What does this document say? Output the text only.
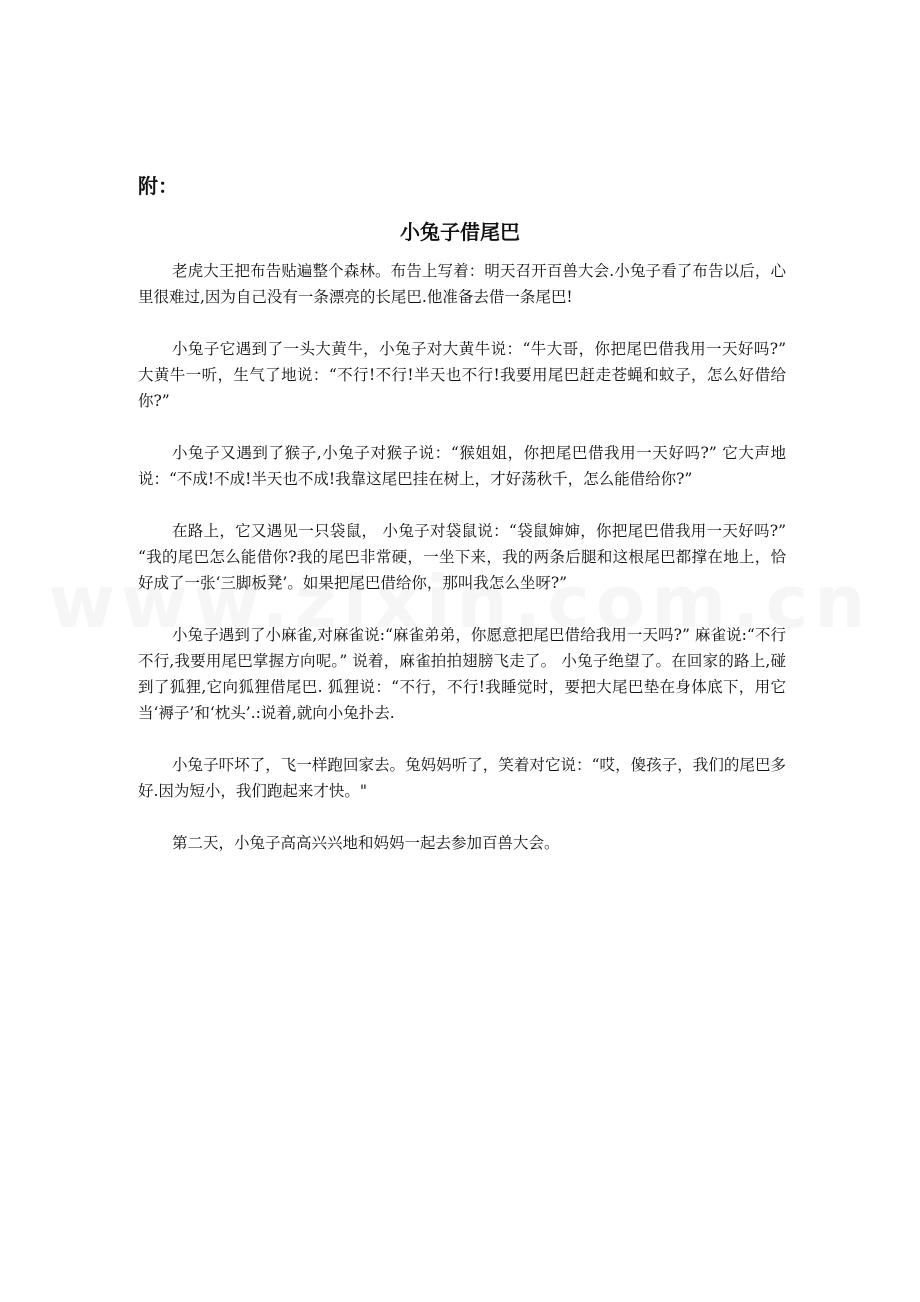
附：
小兔子借尾巴

老虎大王把布告贴遍整个森林。布告上写着：明天召开百兽大会.小兔子看了布告以后，心里很难过,因为自己没有一条漂亮的长尾巴.他准备去借一条尾巴!

小兔子它遇到了一头大黄牛，小兔子对大黄牛说：“牛大哥，你把尾巴借我用一天好吗?” 大黄牛一听，生气了地说：“不行!不行!半天也不行!我要用尾巴赶走苍蝇和蚊子，怎么好借给你?”

小兔子又遇到了猴子,小兔子对猴子说：“猴姐姐，你把尾巴借我用一天好吗?” 它大声地说：“不成!不成!半天也不成!我靠这尾巴挂在树上，才好荡秋千，怎么能借给你?”

在路上，它又遇见一只袋鼠， 小兔子对袋鼠说：“袋鼠婶婶，你把尾巴借我用一天好吗?” “我的尾巴怎么能借你?我的尾巴非常硬，一坐下来，我的两条后腿和这根尾巴都撑在地上，恰好成了一张‘三脚板凳’。如果把尾巴借给你，那叫我怎么坐呀?”

小兔子遇到了小麻雀,对麻雀说:“麻雀弟弟，你愿意把尾巴借给我用一天吗?” 麻雀说:“不行不行,我要用尾巴掌握方向呢。” 说着，麻雀拍拍翅膀飞走了。 小兔子绝望了。在回家的路上,碰到了狐狸,它向狐狸借尾巴. 狐狸说：“不行，不行!我睡觉时，要把大尾巴垫在身体底下，用它当‘褥子’和‘枕头’.:说着,就向小兔扑去.

小兔子吓坏了，飞一样跑回家去。兔妈妈听了，笑着对它说：“哎，傻孩子，我们的尾巴多好.因为短小，我们跑起来才快。"

第二天，小兔子高高兴兴地和妈妈一起去参加百兽大会。
